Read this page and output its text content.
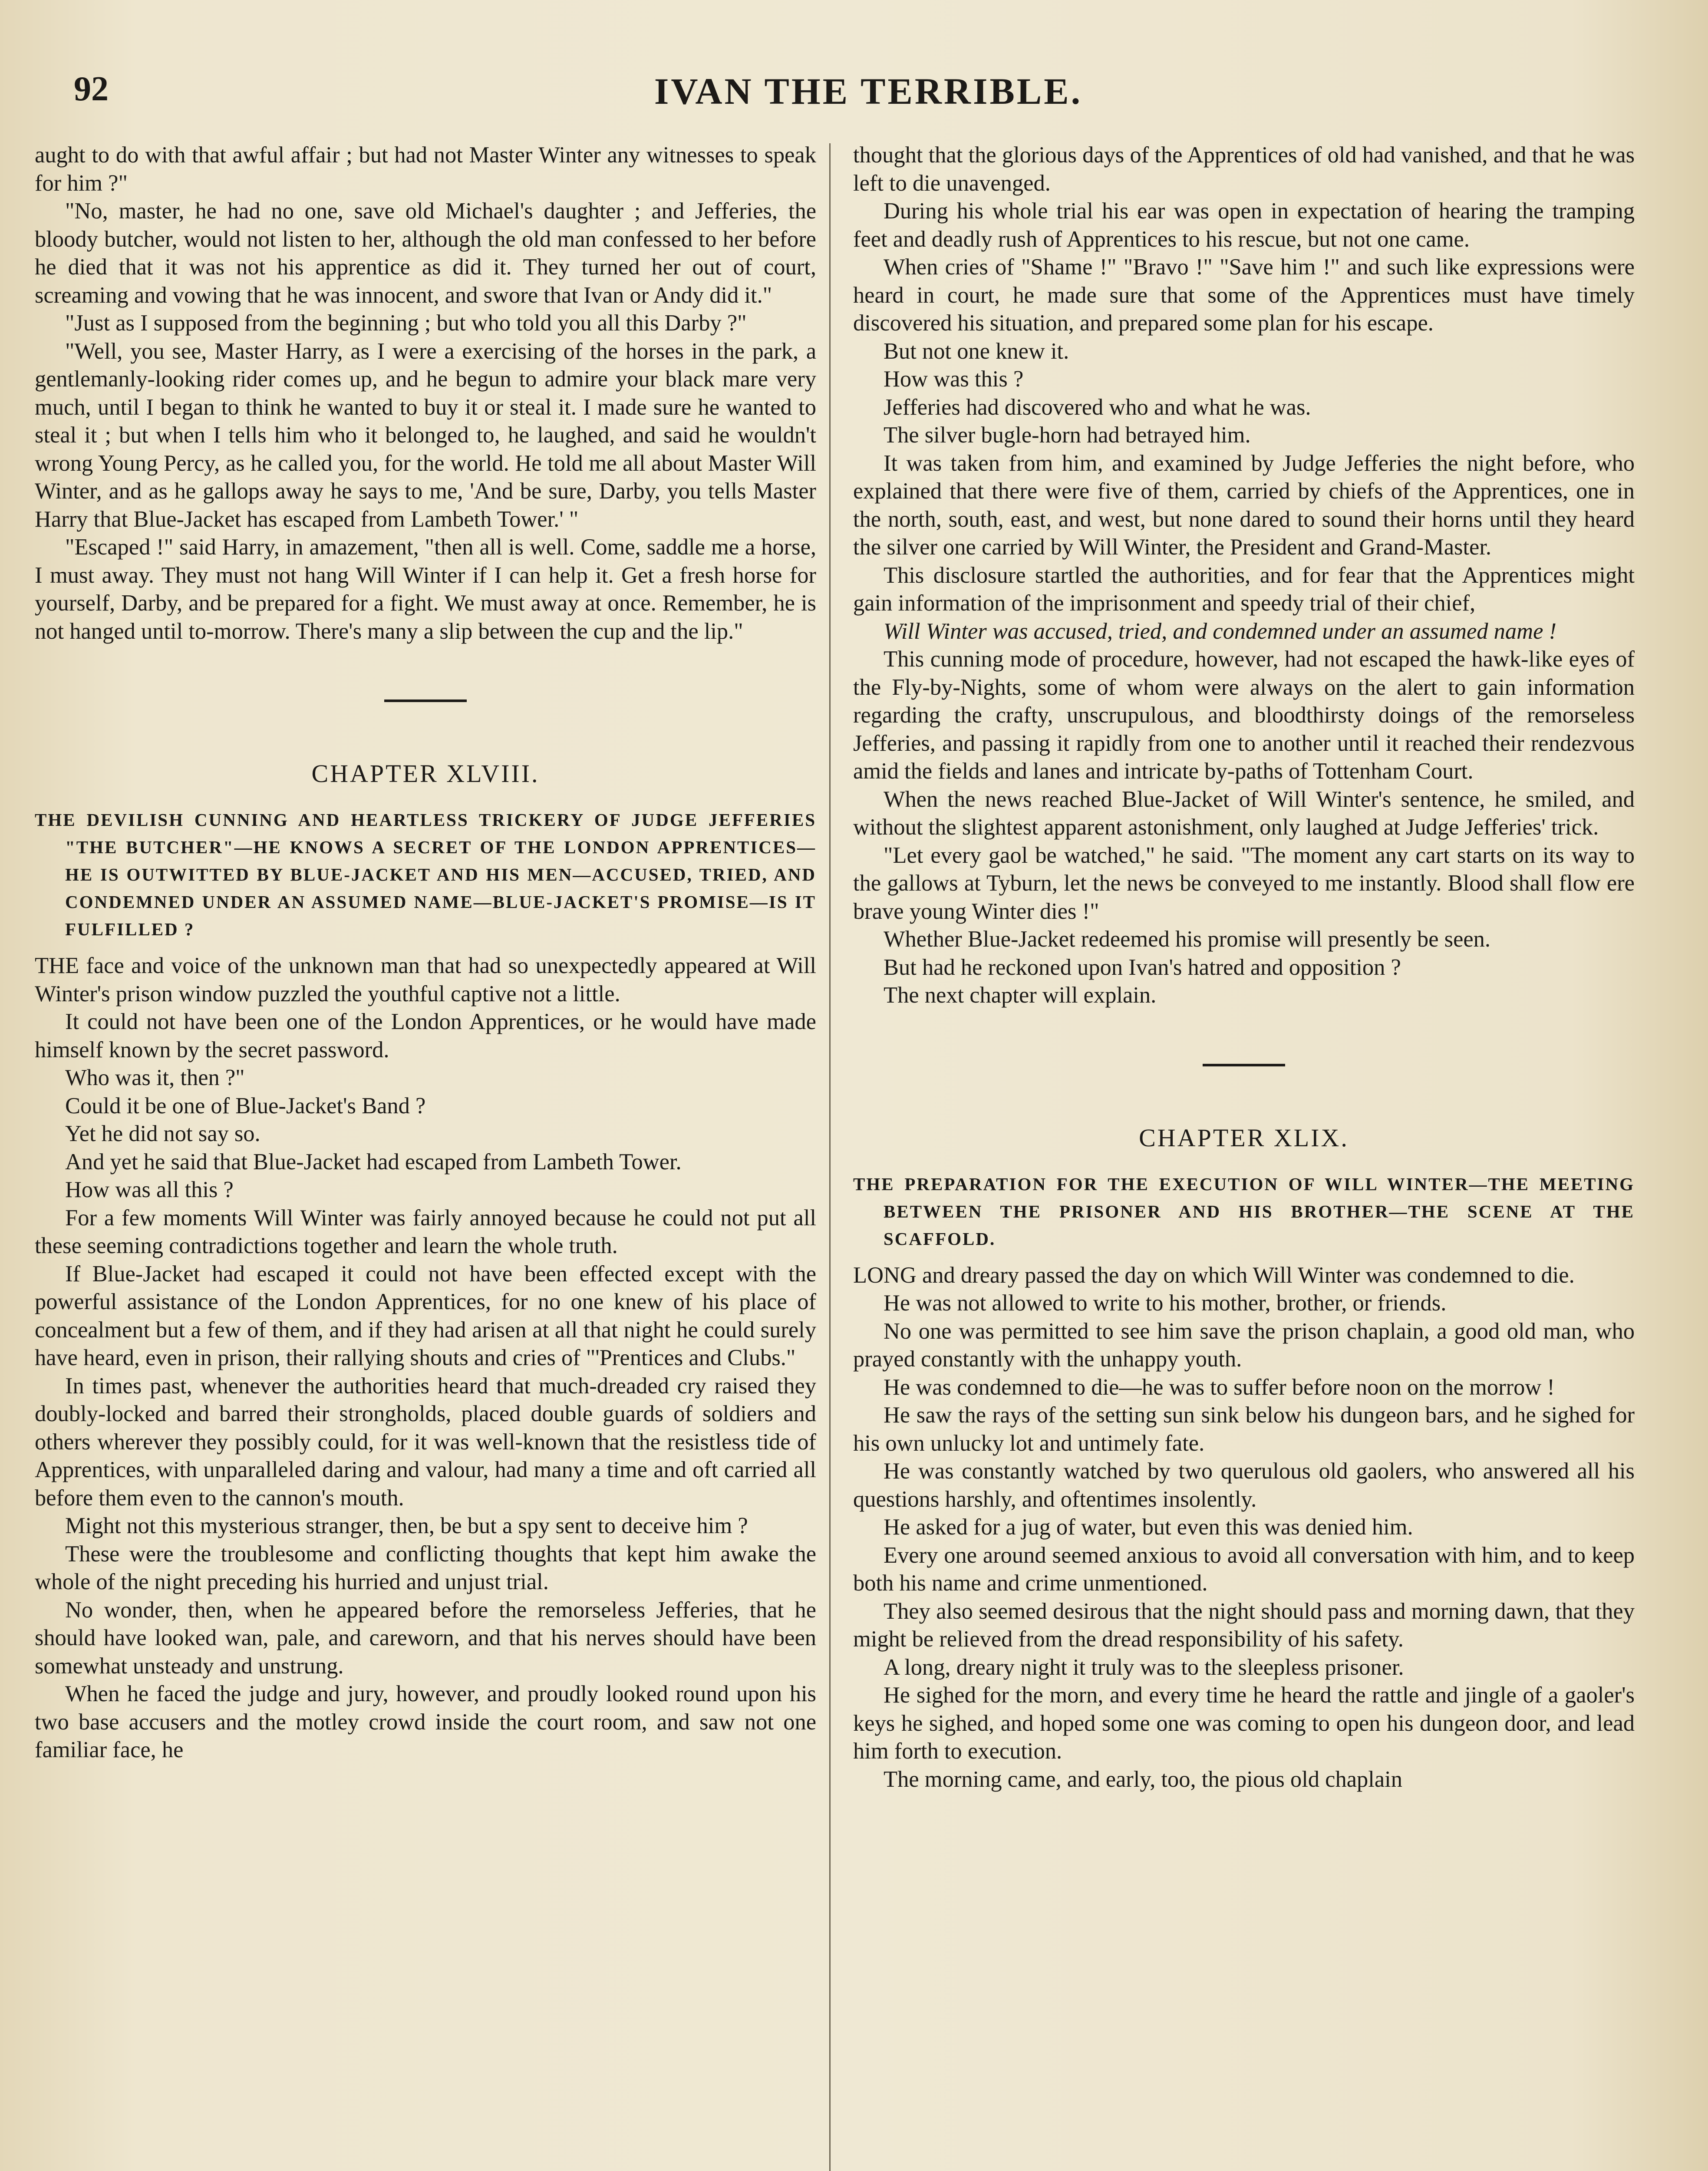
92	IVAN THE TERRIBLE.

aught to do with that awful affair ; but had not Master Winter any witnesses to speak for him ?"

"No, master, he had no one, save old Michael's daughter ; and Jefferies, the bloody butcher, would not listen to her, although the old man confessed to her before he died that it was not his apprentice as did it. They turned her out of court, screaming and vowing that he was innocent, and swore that Ivan or Andy did it."

"Just as I supposed from the beginning ; but who told you all this Darby ?"

"Well, you see, Master Harry, as I were a exercising of the horses in the park, a gentlemanly-looking rider comes up, and he begun to admire your black mare very much, until I began to think he wanted to buy it or steal it. I made sure he wanted to steal it ; but when I tells him who it belonged to, he laughed, and said he wouldn't wrong Young Percy, as he called you, for the world. He told me all about Master Will Winter, and as he gallops away he says to me, 'And be sure, Darby, you tells Master Harry that Blue-Jacket has escaped from Lambeth Tower.' "

"Escaped !" said Harry, in amazement, "then all is well. Come, saddle me a horse, I must away. They must not hang Will Winter if I can help it. Get a fresh horse for yourself, Darby, and be prepared for a fight. We must away at once. Remember, he is not hanged until to-morrow. There's many a slip between the cup and the lip."

CHAPTER XLVIII.
THE DEVILISH CUNNING AND HEARTLESS TRICKERY OF JUDGE JEFFERIES "THE BUTCHER"—HE KNOWS A SECRET OF THE LONDON APPRENTICES—HE IS OUTWITTED BY BLUE-JACKET AND HIS MEN—ACCUSED, TRIED, AND CONDEMNED UNDER AN ASSUMED NAME—BLUE-JACKET'S PROMISE—IS IT FULFILLED ?

THE face and voice of the unknown man that had so unexpectedly appeared at Will Winter's prison window puzzled the youthful captive not a little.

It could not have been one of the London Apprentices, or he would have made himself known by the secret password.

Who was it, then ?"

Could it be one of Blue-Jacket's Band ?

Yet he did not say so.

And yet he said that Blue-Jacket had escaped from Lambeth Tower.

How was all this ?

For a few moments Will Winter was fairly annoyed because he could not put all these seeming contradictions together and learn the whole truth.

If Blue-Jacket had escaped it could not have been effected except with the powerful assistance of the London Apprentices, for no one knew of his place of concealment but a few of them, and if they had arisen at all that night he could surely have heard, even in prison, their rallying shouts and cries of "'Prentices and Clubs."

In times past, whenever the authorities heard that much-dreaded cry raised they doubly-locked and barred their strongholds, placed double guards of soldiers and others wherever they possibly could, for it was well-known that the resistless tide of Apprentices, with unparalleled daring and valour, had many a time and oft carried all before them even to the cannon's mouth.

Might not this mysterious stranger, then, be but a spy sent to deceive him ?

These were the troublesome and conflicting thoughts that kept him awake the whole of the night preceding his hurried and unjust trial.

No wonder, then, when he appeared before the remorseless Jefferies, that he should have looked wan, pale, and careworn, and that his nerves should have been somewhat unsteady and unstrung.

When he faced the judge and jury, however, and proudly looked round upon his two base accusers and the motley crowd inside the court room, and saw not one familiar face, he

thought that the glorious days of the Apprentices of old had vanished, and that he was left to die unavenged.

During his whole trial his ear was open in expectation of hearing the tramping feet and deadly rush of Apprentices to his rescue, but not one came.

When cries of "Shame !" "Bravo !" "Save him !" and such like expressions were heard in court, he made sure that some of the Apprentices must have timely discovered his situation, and prepared some plan for his escape.

But not one knew it.

How was this ?

Jefferies had discovered who and what he was.

The silver bugle-horn had betrayed him.

It was taken from him, and examined by Judge Jefferies the night before, who explained that there were five of them, carried by chiefs of the Apprentices, one in the north, south, east, and west, but none dared to sound their horns until they heard the silver one carried by Will Winter, the President and Grand-Master.

This disclosure startled the authorities, and for fear that the Apprentices might gain information of the imprisonment and speedy trial of their chief,

Will Winter was accused, tried, and condemned under an assumed name !

This cunning mode of procedure, however, had not escaped the hawk-like eyes of the Fly-by-Nights, some of whom were always on the alert to gain information regarding the crafty, unscrupulous, and bloodthirsty doings of the remorseless Jefferies, and passing it rapidly from one to another until it reached their rendezvous amid the fields and lanes and intricate by-paths of Tottenham Court.

When the news reached Blue-Jacket of Will Winter's sentence, he smiled, and without the slightest apparent astonishment, only laughed at Judge Jefferies' trick.

"Let every gaol be watched," he said. "The moment any cart starts on its way to the gallows at Tyburn, let the news be conveyed to me instantly. Blood shall flow ere brave young Winter dies !"

Whether Blue-Jacket redeemed his promise will presently be seen.

But had he reckoned upon Ivan's hatred and opposition ?

The next chapter will explain.

CHAPTER XLIX.
THE PREPARATION FOR THE EXECUTION OF WILL WINTER—THE MEETING BETWEEN THE PRISONER AND HIS BROTHER—THE SCENE AT THE SCAFFOLD.

LONG and dreary passed the day on which Will Winter was condemned to die.

He was not allowed to write to his mother, brother, or friends.

No one was permitted to see him save the prison chaplain, a good old man, who prayed constantly with the unhappy youth.

He was condemned to die—he was to suffer before noon on the morrow !

He saw the rays of the setting sun sink below his dungeon bars, and he sighed for his own unlucky lot and untimely fate.

He was constantly watched by two querulous old gaolers, who answered all his questions harshly, and oftentimes insolently.

He asked for a jug of water, but even this was denied him.

Every one around seemed anxious to avoid all conversation with him, and to keep both his name and crime unmentioned.

They also seemed desirous that the night should pass and morning dawn, that they might be relieved from the dread responsibility of his safety.

A long, dreary night it truly was to the sleepless prisoner.

He sighed for the morn, and every time he heard the rattle and jingle of a gaoler's keys he sighed, and hoped some one was coming to open his dungeon door, and lead him forth to execution.

The morning came, and early, too, the pious old chaplain
